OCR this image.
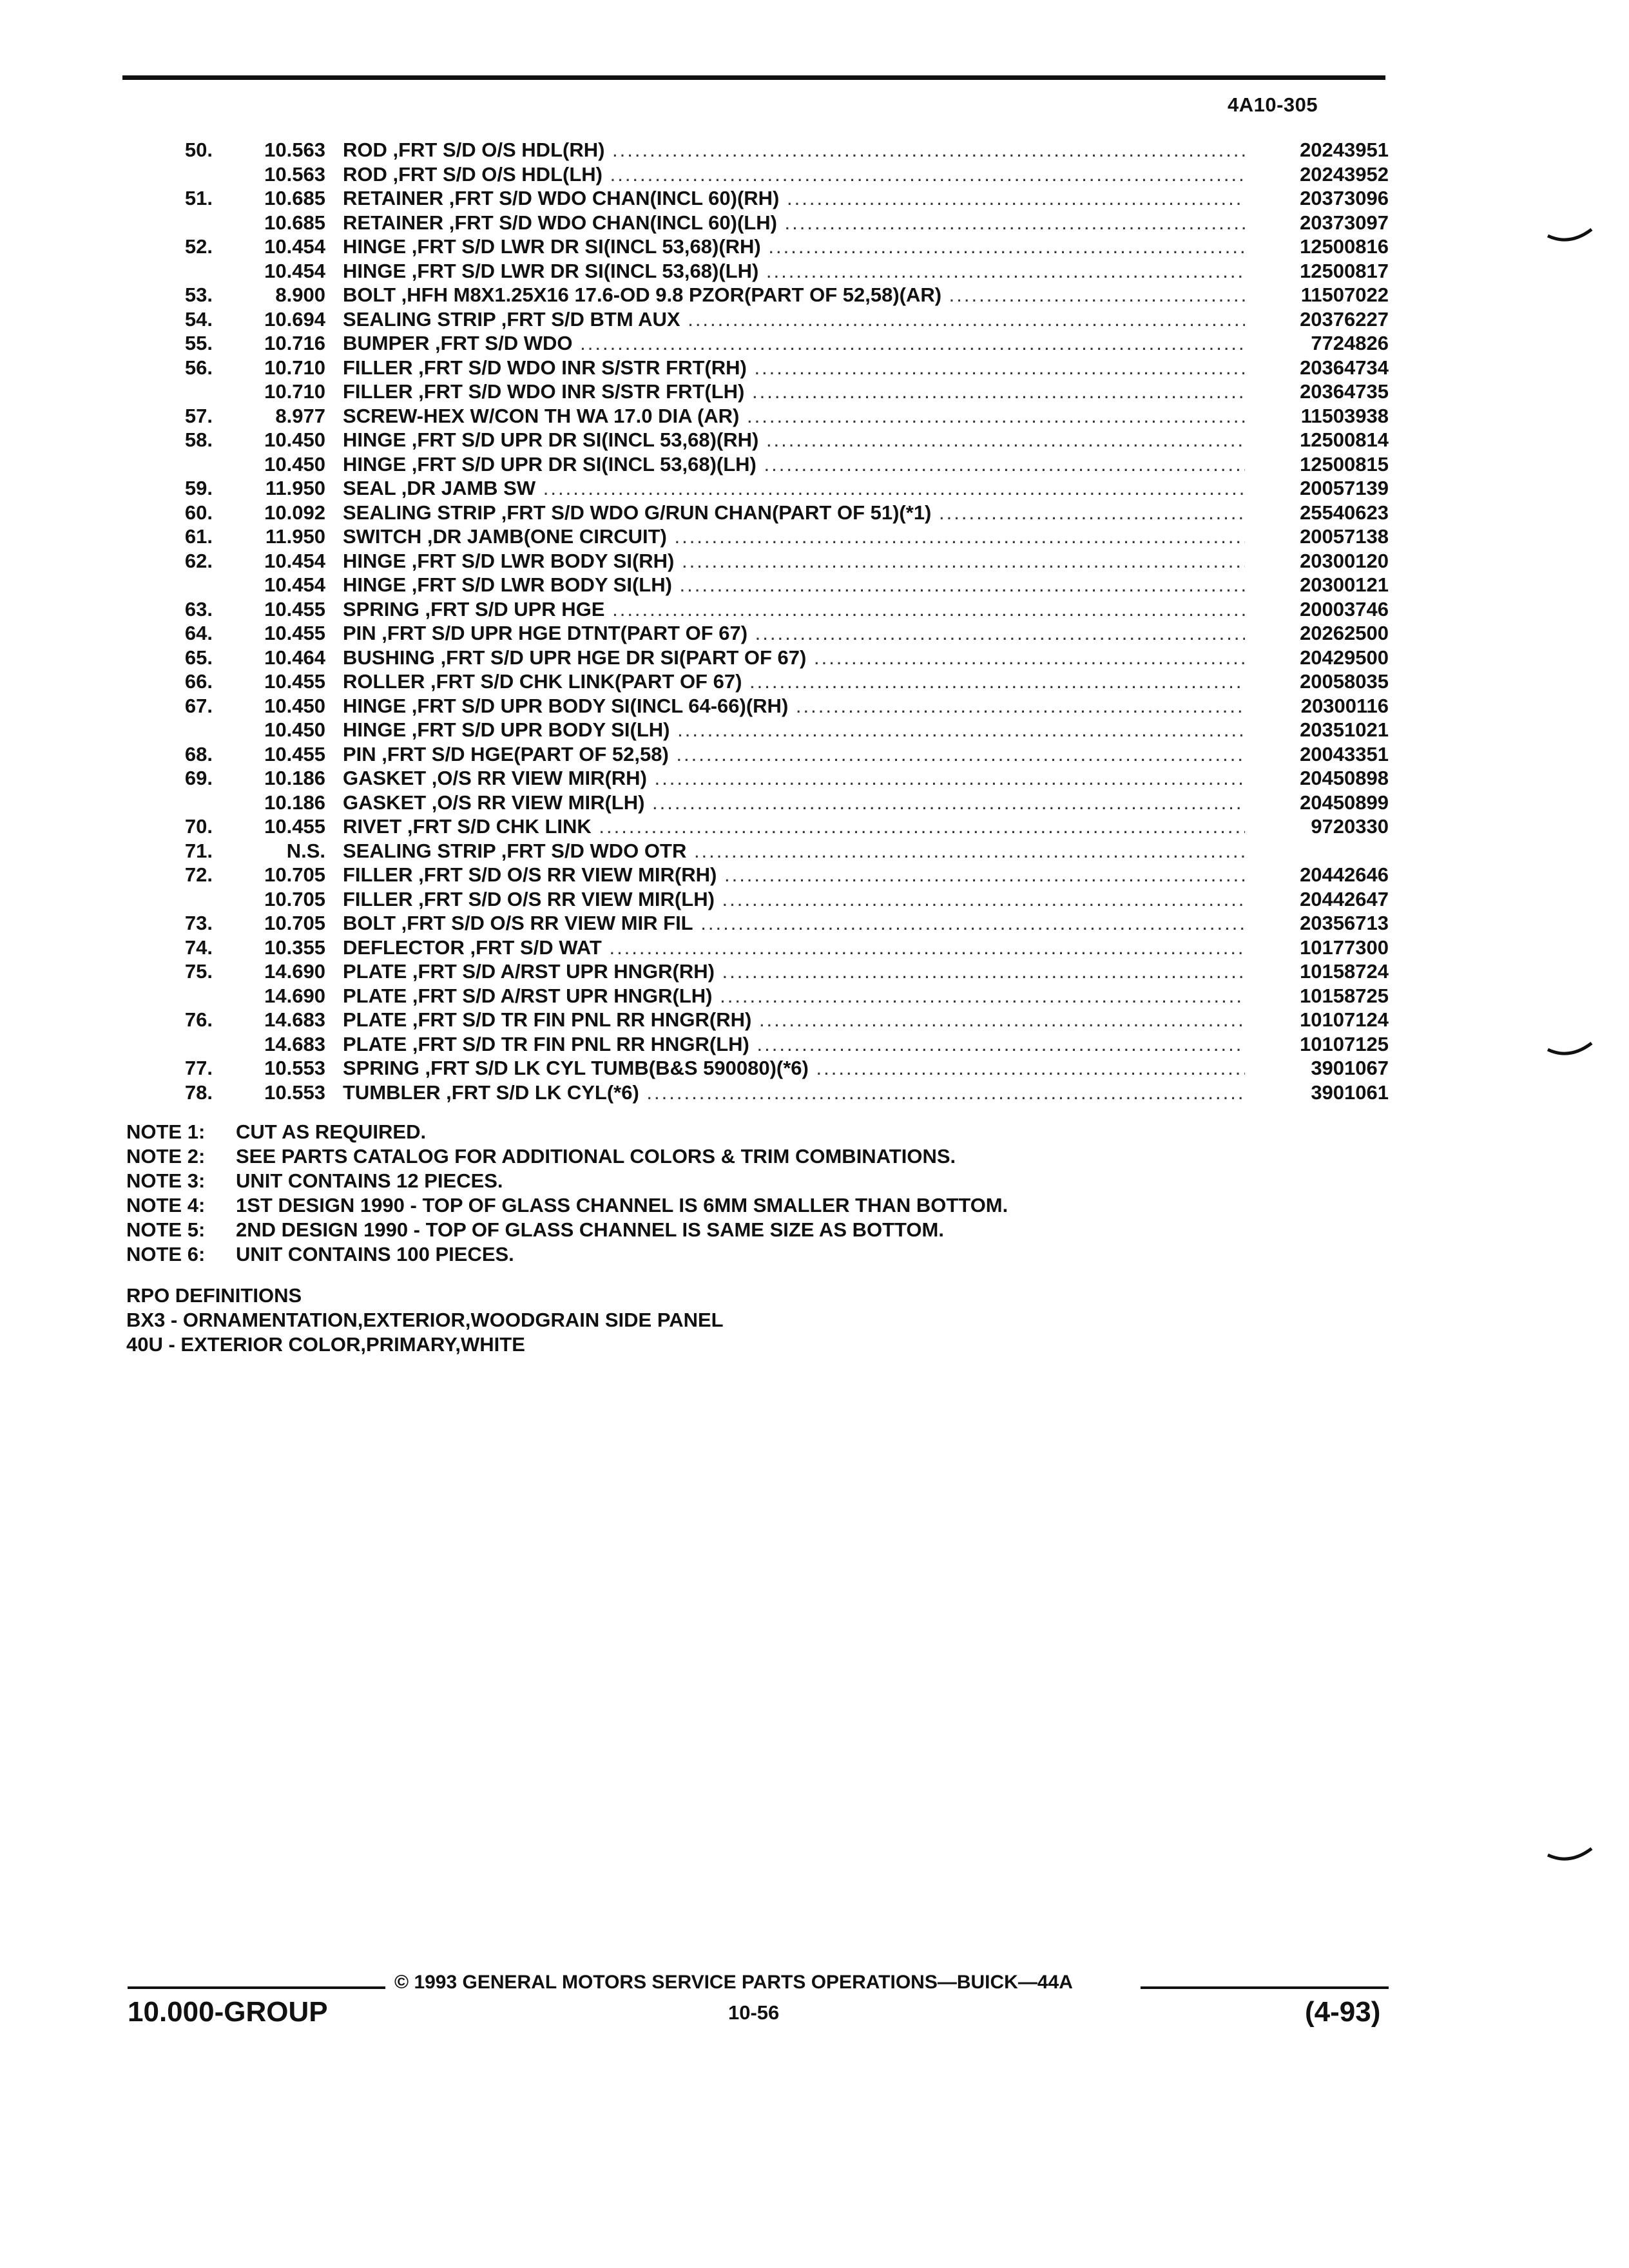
4A10-305
50.	10.563 ROD ,FRT S/D O/S HDL(RH) .....	20243951
10.563 ROD ,FRT S/D O/S HDL(LH) .....	20243952
51.	10.685 RETAINER ,FRT S/D WDO CHAN(INCL 60)(RH) .....	20373096
10.685 RETAINER ,FRT S/D WDO CHAN(INCL 60)(LH) .....	20373097
52.	10.454 HINGE ,FRT S/D LWR DR SI(INCL 53,68)(RH) .....	12500816
10.454 HINGE ,FRT S/D LWR DR SI(INCL 53,68)(LH) .....	12500817
53.	8.900 BOLT ,HFH M8X1.25X16 17.6-OD 9.8 PZOR(PART OF 52,58)(AR) .....	11507022
54.	10.694 SEALING STRIP ,FRT S/D BTM AUX .....	20376227
55.	10.716 BUMPER ,FRT S/D WDO .....	7724826
56.	10.710 FILLER ,FRT S/D WDO INR S/STR FRT(RH) .....	20364734
10.710 FILLER ,FRT S/D WDO INR S/STR FRT(LH) .....	20364735
57.	8.977 SCREW-HEX W/CON TH WA 17.0 DIA (AR) .....	11503938
58.	10.450 HINGE ,FRT S/D UPR DR SI(INCL 53,68)(RH) .....	12500814
10.450 HINGE ,FRT S/D UPR DR SI(INCL 53,68)(LH) .....	12500815
59.	11.950 SEAL ,DR JAMB SW .....	20057139
60.	10.092 SEALING STRIP ,FRT S/D WDO G/RUN CHAN(PART OF 51)(*1) .....	25540623
61.	11.950 SWITCH ,DR JAMB(ONE CIRCUIT) .....	20057138
62.	10.454 HINGE ,FRT S/D LWR BODY SI(RH) .....	20300120
10.454 HINGE ,FRT S/D LWR BODY SI(LH) .....	20300121
63.	10.455 SPRING ,FRT S/D UPR HGE .....	20003746
64.	10.455 PIN ,FRT S/D UPR HGE DTNT(PART OF 67) .....	20262500
65.	10.464 BUSHING ,FRT S/D UPR HGE DR SI(PART OF 67) .....	20429500
66.	10.455 ROLLER ,FRT S/D CHK LINK(PART OF 67) .....	20058035
67.	10.450 HINGE ,FRT S/D UPR BODY SI(INCL 64-66)(RH) .....	20300116
10.450 HINGE ,FRT S/D UPR BODY SI(LH) .....	20351021
68.	10.455 PIN ,FRT S/D HGE(PART OF 52,58) .....	20043351
69.	10.186 GASKET ,O/S RR VIEW MIR(RH) .....	20450898
10.186 GASKET ,O/S RR VIEW MIR(LH) .....	20450899
70.	10.455 RIVET ,FRT S/D CHK LINK .....	9720330
71.	N.S. SEALING STRIP ,FRT S/D WDO OTR .....
72.	10.705 FILLER ,FRT S/D O/S RR VIEW MIR(RH) .....	20442646
10.705 FILLER ,FRT S/D O/S RR VIEW MIR(LH) .....	20442647
73.	10.705 BOLT ,FRT S/D O/S RR VIEW MIR FIL .....	20356713
74.	10.355 DEFLECTOR ,FRT S/D WAT .....	10177300
75.	14.690 PLATE ,FRT S/D A/RST UPR HNGR(RH) .....	10158724
14.690 PLATE ,FRT S/D A/RST UPR HNGR(LH) .....	10158725
76.	14.683 PLATE ,FRT S/D TR FIN PNL RR HNGR(RH) .....	10107124
14.683 PLATE ,FRT S/D TR FIN PNL RR HNGR(LH) .....	10107125
77.	10.553 SPRING ,FRT S/D LK CYL TUMB(B&S 590080)(*6) .....	3901067
78.	10.553 TUMBLER ,FRT S/D LK CYL(*6) .....	3901061
NOTE 1: CUT AS REQUIRED.
NOTE 2: SEE PARTS CATALOG FOR ADDITIONAL COLORS & TRIM COMBINATIONS.
NOTE 3: UNIT CONTAINS 12 PIECES.
NOTE 4: 1ST DESIGN 1990 - TOP OF GLASS CHANNEL IS 6MM SMALLER THAN BOTTOM.
NOTE 5: 2ND DESIGN 1990 - TOP OF GLASS CHANNEL IS SAME SIZE AS BOTTOM.
NOTE 6: UNIT CONTAINS 100 PIECES.
RPO DEFINITIONS
BX3 - ORNAMENTATION,EXTERIOR,WOODGRAIN SIDE PANEL
40U - EXTERIOR COLOR,PRIMARY,WHITE
© 1993 GENERAL MOTORS SERVICE PARTS OPERATIONS—BUICK—44A
10.000-GROUP	10-56	(4-93)
